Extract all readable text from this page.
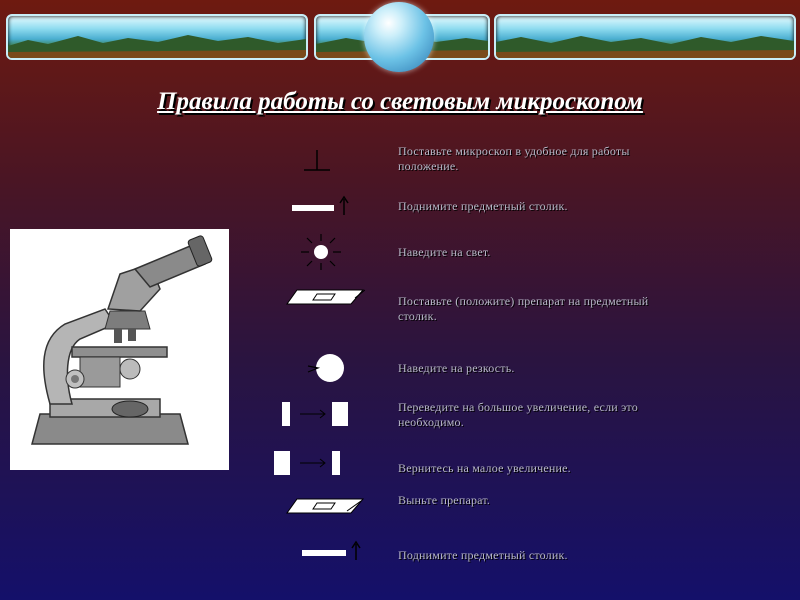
Правила работы со световым микроскопом
Поставьте микроскоп в удобное для работы положение.
Поднимите предметный столик.
Наведите на свет.
Поставьте (положите) препарат на предметный столик.
Наведите на резкость.
Переведите на большое увеличение, если это необходимо.
Вернитесь на малое увеличение.
Выньте препарат.
Поднимите предметный столик.
